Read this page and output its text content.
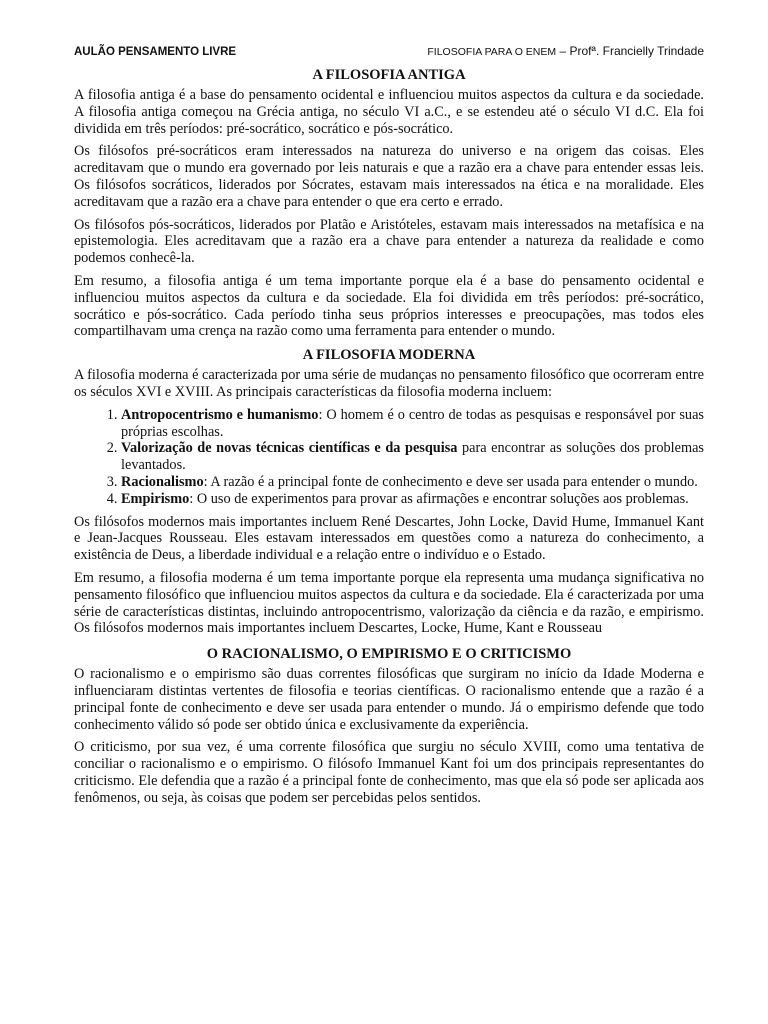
AULÃO PENSAMENTO LIVRE	FILOSOFIA PARA O ENEM – Profª. Francielly Trindade
A FILOSOFIA ANTIGA

A filosofia antiga é a base do pensamento ocidental e influenciou muitos aspectos da cultura e da sociedade. A filosofia antiga começou na Grécia antiga, no século VI a.C., e se estendeu até o século VI d.C. Ela foi dividida em três períodos: pré-socrático, socrático e pós-socrático.

Os filósofos pré-socráticos eram interessados na natureza do universo e na origem das coisas. Eles acreditavam que o mundo era governado por leis naturais e que a razão era a chave para entender essas leis. Os filósofos socráticos, liderados por Sócrates, estavam mais interessados na ética e na moralidade. Eles acreditavam que a razão era a chave para entender o que era certo e errado.

Os filósofos pós-socráticos, liderados por Platão e Aristóteles, estavam mais interessados na metafísica e na epistemologia. Eles acreditavam que a razão era a chave para entender a natureza da realidade e como podemos conhecê-la.

Em resumo, a filosofia antiga é um tema importante porque ela é a base do pensamento ocidental e influenciou muitos aspectos da cultura e da sociedade. Ela foi dividida em três períodos: pré-socrático, socrático e pós-socrático. Cada período tinha seus próprios interesses e preocupações, mas todos eles compartilhavam uma crença na razão como uma ferramenta para entender o mundo.

A FILOSOFIA MODERNA

A filosofia moderna é caracterizada por uma série de mudanças no pensamento filosófico que ocorreram entre os séculos XVI e XVIII. As principais características da filosofia moderna incluem:

1. Antropocentrismo e humanismo: O homem é o centro de todas as pesquisas e responsável por suas próprias escolhas.
2. Valorização de novas técnicas científicas e da pesquisa para encontrar as soluções dos problemas levantados.
3. Racionalismo: A razão é a principal fonte de conhecimento e deve ser usada para entender o mundo.
4. Empirismo: O uso de experimentos para provar as afirmações e encontrar soluções aos problemas.

Os filósofos modernos mais importantes incluem René Descartes, John Locke, David Hume, Immanuel Kant e Jean-Jacques Rousseau. Eles estavam interessados em questões como a natureza do conhecimento, a existência de Deus, a liberdade individual e a relação entre o indivíduo e o Estado.

Em resumo, a filosofia moderna é um tema importante porque ela representa uma mudança significativa no pensamento filosófico que influenciou muitos aspectos da cultura e da sociedade. Ela é caracterizada por uma série de características distintas, incluindo antropocentrismo, valorização da ciência e da razão, e empirismo. Os filósofos modernos mais importantes incluem Descartes, Locke, Hume, Kant e Rousseau

O RACIONALISMO, O EMPIRISMO E O CRITICISMO

O racionalismo e o empirismo são duas correntes filosóficas que surgiram no início da Idade Moderna e influenciaram distintas vertentes de filosofia e teorias científicas. O racionalismo entende que a razão é a principal fonte de conhecimento e deve ser usada para entender o mundo. Já o empirismo defende que todo conhecimento válido só pode ser obtido única e exclusivamente da experiência.

O criticismo, por sua vez, é uma corrente filosófica que surgiu no século XVIII, como uma tentativa de conciliar o racionalismo e o empirismo. O filósofo Immanuel Kant foi um dos principais representantes do criticismo. Ele defendia que a razão é a principal fonte de conhecimento, mas que ela só pode ser aplicada aos fenômenos, ou seja, às coisas que podem ser percebidas pelos sentidos.
